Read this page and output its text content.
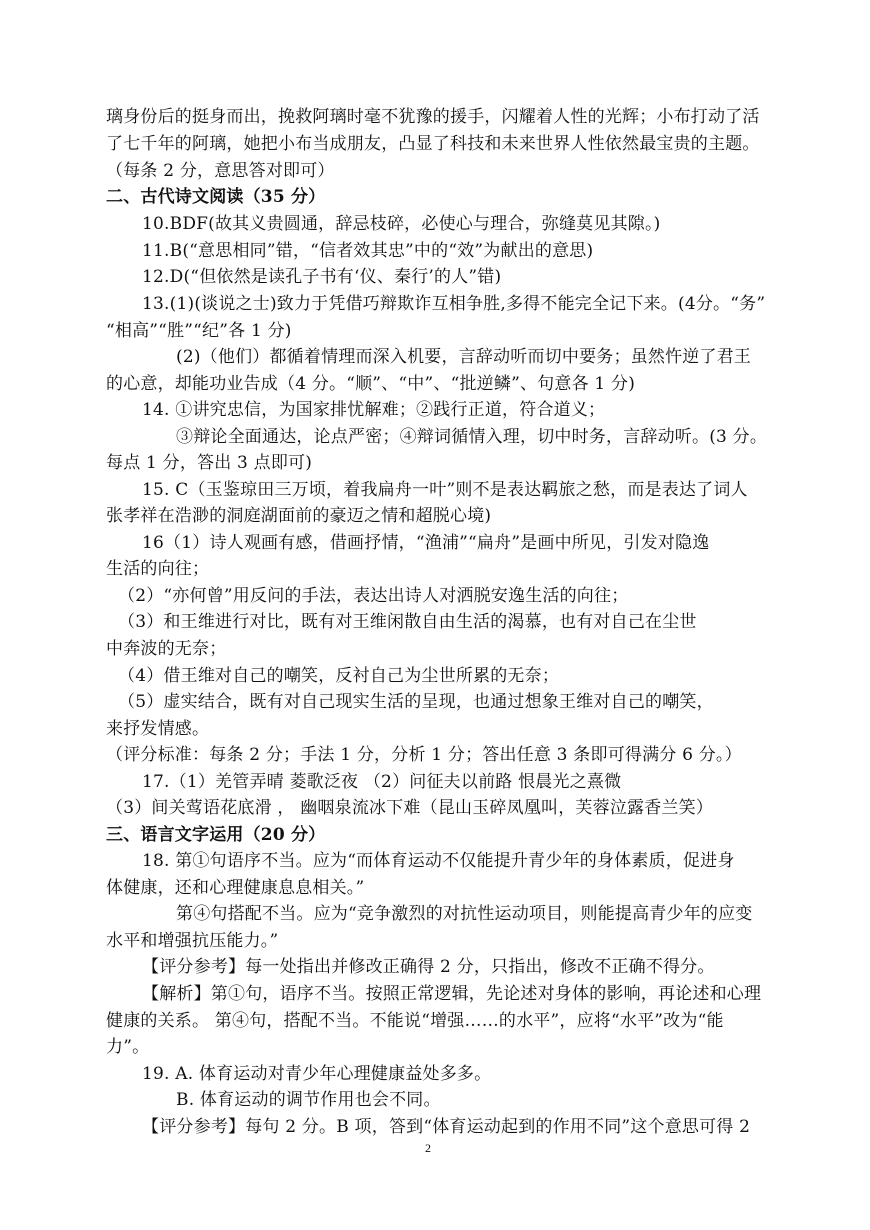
璃身份后的挺身而出，挽救阿璃时毫不犹豫的援手，闪耀着人性的光辉；小布打动了活
了七千年的阿璃，她把小布当成朋友，凸显了科技和未来世界人性依然最宝贵的主题。
（每条 2 分，意思答对即可）
二、古代诗文阅读（35 分）
10.BDF(故其义贵圆通，辞忌枝碎，必使心与理合，弥缝莫见其隙。)
11.B(“意思相同”错，“信者效其忠”中的“效”为献出的意思)
12.D(“但依然是读孔子书有‘仪、秦行’的人”错)
13.(1)(谈说之士)致力于凭借巧辩欺诈互相争胜,多得不能完全记下来。(4分。“务”
“相高”“胜”“纪”各 1 分)
(2)（他们）都循着情理而深入机要，言辞动听而切中要务；虽然忤逆了君王
的心意，却能功业告成（4 分。“顺”、“中”、“批逆鳞”、句意各 1 分)
14. ①讲究忠信，为国家排忧解难；②践行正道，符合道义；
③辩论全面通达，论点严密；④辩词循情入理，切中时务，言辞动听。(3 分。
每点 1 分，答出 3 点即可)
15. C（玉鉴琼田三万顷，着我扁舟一叶”则不是表达羁旅之愁，而是表达了词人
张孝祥在浩渺的洞庭湖面前的豪迈之情和超脱心境)
16（1）诗人观画有感，借画抒情，“渔浦”“扁舟”是画中所见，引发对隐逸
生活的向往；
（2）“亦何曾”用反问的手法，表达出诗人对洒脱安逸生活的向往；
（3）和王维进行对比，既有对王维闲散自由生活的渴慕，也有对自己在尘世
中奔波的无奈；
（4）借王维对自己的嘲笑，反衬自己为尘世所累的无奈；
（5）虚实结合，既有对自己现实生活的呈现，也通过想象王维对自己的嘲笑，
来抒发情感。
（评分标准：每条 2 分；手法 1 分，分析 1 分；答出任意 3 条即可得满分 6 分。）
17.（1）羌管弄晴 菱歌泛夜 （2）问征夫以前路 恨晨光之熹微
（3）间关莺语花底滑 ， 幽咽泉流冰下难（昆山玉碎凤凰叫，芙蓉泣露香兰笑）
三、语言文字运用（20 分）
18. 第①句语序不当。应为“而体育运动不仅能提升青少年的身体素质，促进身
体健康，还和心理健康息息相关。”
第④句搭配不当。应为“竞争激烈的对抗性运动项目，则能提高青少年的应变
水平和增强抗压能力。”
【评分参考】每一处指出并修改正确得 2 分，只指出，修改不正确不得分。
【解析】第①句，语序不当。按照正常逻辑，先论述对身体的影响，再论述和心理
健康的关系。 第④句，搭配不当。不能说“增强……的水平”，应将“水平”改为“能
力”。
19. A. 体育运动对青少年心理健康益处多多。
B. 体育运动的调节作用也会不同。
【评分参考】每句 2 分。B 项，答到“体育运动起到的作用不同”这个意思可得 2
2
